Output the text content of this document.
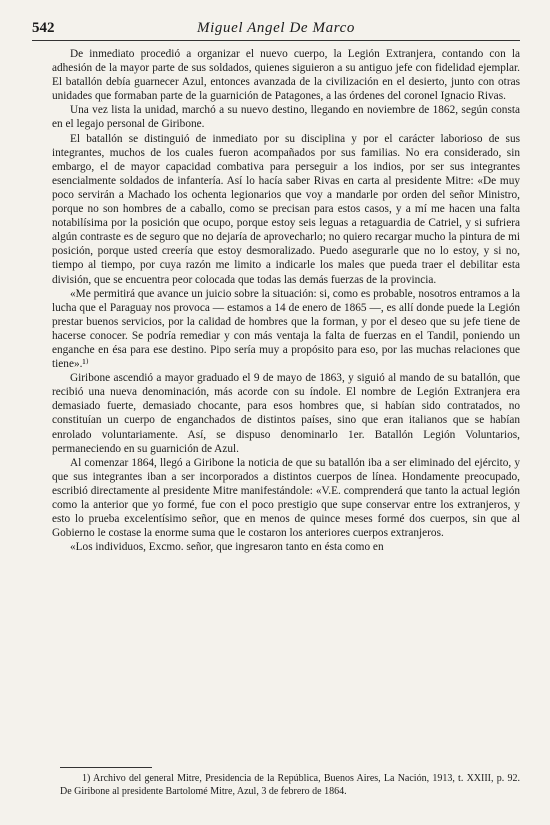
542	Miguel Angel De Marco

De inmediato procedió a organizar el nuevo cuerpo, la Legión Extranjera, contando con la adhesión de la mayor parte de sus soldados, quienes siguieron a su antiguo jefe con fidelidad ejemplar. El batallón debía guarnecer Azul, entonces avanzada de la civilización en el desierto, junto con otras unidades que formaban parte de la guarnición de Patagones, a las órdenes del coronel Ignacio Rivas.

Una vez lista la unidad, marchó a su nuevo destino, llegando en noviembre de 1862, según consta en el legajo personal de Giribone.

El batallón se distinguió de inmediato por su disciplina y por el carácter laborioso de sus integrantes, muchos de los cuales fueron acompañados por sus familias. No era considerado, sin embargo, el de mayor capacidad combativa para perseguir a los indios, por ser sus integrantes esencialmente soldados de infantería. Así lo hacía saber Rivas en carta al presidente Mitre: «De muy poco servirán a Machado los ochenta legionarios que voy a mandarle por orden del señor Ministro, porque no son hombres de a caballo, como se precisan para estos casos, y a mí me hacen una falta notabilísima por la posición que ocupo, porque estoy seis leguas a retaguardia de Catriel, y si sufriera algún contraste es de seguro que no dejaría de aprovecharlo; no quiero recargar mucho la pintura de mi posición, porque usted creería que estoy desmoralizado. Puedo asegurarle que no lo estoy, y si no, tiempo al tiempo, por cuya razón me limito a indicarle los males que pueda traer el debilitar esta división, que se encuentra peor colocada que todas las demás fuerzas de la provincia.

«Me permitirá que avance un juicio sobre la situación: si, como es probable, nosotros entramos a la lucha que el Paraguay nos provoca — estamos a 14 de enero de 1865 —, es allí donde puede la Legión prestar buenos servicios, por la calidad de hombres que la forman, y por el deseo que su jefe tiene de hacerse conocer. Se podría remediar y con más ventaja la falta de fuerzas en el Tandil, poniendo un enganche en ésa para ese destino. Pipo sería muy a propósito para eso, por las muchas relaciones que tiene».¹⁾

Giribone ascendió a mayor graduado el 9 de mayo de 1863, y siguió al mando de su batallón, que recibió una nueva denominación, más acorde con su índole. El nombre de Legión Extranjera era demasiado fuerte, demasiado chocante, para esos hombres que, si habían sido contratados, no constituían un cuerpo de enganchados de distintos países, sino que eran italianos que se habían enrolado voluntariamente. Así, se dispuso denominarlo 1er. Batallón Legión Voluntarios, permaneciendo en su guarnición de Azul.

Al comenzar 1864, llegó a Giribone la noticia de que su batallón iba a ser eliminado del ejército, y que sus integrantes iban a ser incorporados a distintos cuerpos de línea. Hondamente preocupado, escribió directamente al presidente Mitre manifestándole: «V.E. comprenderá que tanto la actual legión como la anterior que yo formé, fue con el poco prestigio que supe conservar entre los extranjeros, y esto lo prueba excelentísimo señor, que en menos de quince meses formé dos cuerpos, sin que al Gobierno le costase la enorme suma que le costaron los anteriores cuerpos extranjeros.

«Los individuos, Excmo. señor, que ingresaron tanto en ésta como en

1) Archivo del general Mitre, Presidencia de la República, Buenos Aires, La Nación, 1913, t. XXIII, p. 92. De Giribone al presidente Bartolomé Mitre, Azul, 3 de febrero de 1864.
